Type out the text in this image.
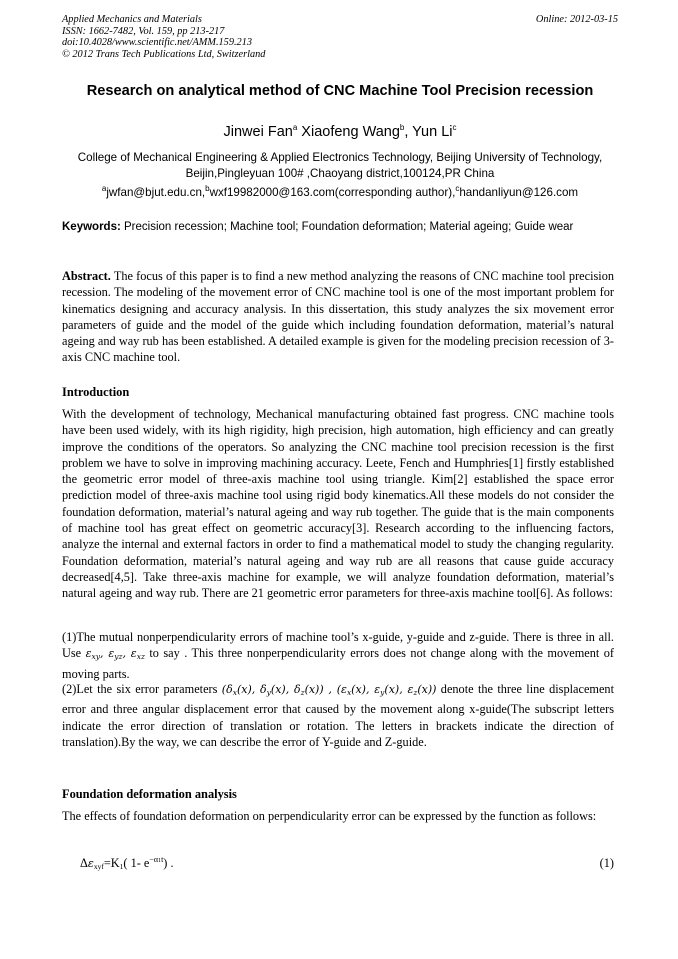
Applied Mechanics and Materials
ISSN: 1662-7482, Vol. 159, pp 213-217
doi:10.4028/www.scientific.net/AMM.159.213
© 2012 Trans Tech Publications Ltd, Switzerland
Online: 2012-03-15
Research on analytical method of CNC Machine Tool Precision recession
Jinwei Fan$^a$ Xiaofeng Wang$^b$, Yun Li$^c$
College of Mechanical Engineering & Applied Electronics Technology, Beijing University of Technology, Beijin,Pingleyuan 100# ,Chaoyang district,100124,PR China
$^a$jwfan@bjut.edu.cn,$^b$wxf19982000@163.com(corresponding author),$^c$handanliyun@126.com
Keywords: Precision recession; Machine tool; Foundation deformation; Material ageing; Guide wear
Abstract. The focus of this paper is to find a new method analyzing the reasons of CNC machine tool precision recession. The modeling of the movement error of CNC machine tool is one of the most important problem for kinematics designing and accuracy analysis. In this dissertation, this study analyzes the six movement error parameters of guide and the model of the guide which including foundation deformation, material’s natural ageing and way rub has been established. A detailed example is given for the modeling precision recession of 3-axis CNC machine tool.
Introduction
With the development of technology, Mechanical manufacturing obtained fast progress. CNC machine tools have been used widely, with its high rigidity, high precision, high automation, high efficiency and can greatly improve the conditions of the operators. So analyzing the CNC machine tool precision recession is the first problem we have to solve in improving machining accuracy. Leete, Fench and Humphries[1] firstly established the geometric error model of three-axis machine tool using triangle. Kim[2] established the space error prediction model of three-axis machine tool using rigid body kinematics.All these models do not consider the foundation deformation, material’s natural ageing and way rub together. The guide that is the main components of machine tool has great effect on geometric accuracy[3]. Research according to the influencing factors, analyze the internal and external factors in order to find a mathematical model to study the changing regularity. Foundation deformation, material’s natural ageing and way rub are all reasons that cause guide accuracy decreased[4,5]. Take three-axis machine for example, we will analyze foundation deformation, material’s natural ageing and way rub. There are 21 geometric error parameters for three-axis machine tool[6]. As follows:
(1)The mutual nonperpendicularity errors of machine tool’s x-guide, y-guide and z-guide. There is three in all. Use $\varepsilon_{xy}$, $\varepsilon_{yz}$, $\varepsilon_{xz}$ to say . This three nonperpendicularity errors does not change along with the movement of moving parts.
(2)Let the six error parameters ($\delta_x(x)$, $\delta_y(x)$, $\delta_z(x)$) , ($\varepsilon_x(x)$, $\varepsilon_y(x)$, $\varepsilon_z(x)$) denote the three line displacement error and three angular displacement error that caused by the movement along x-guide(The subscript letters indicate the error direction of translation or rotation. The letters in brackets indicate the direction of translation).By the way, we can describe the error of Y-guide and Z-guide.
Foundation deformation analysis
The effects of foundation deformation on perpendicularity error can be expressed by the function as follows:
$\Delta\varepsilon_{xyf}=K_1$( 1- $e^{-\alpha 1t}$) .	(1)
